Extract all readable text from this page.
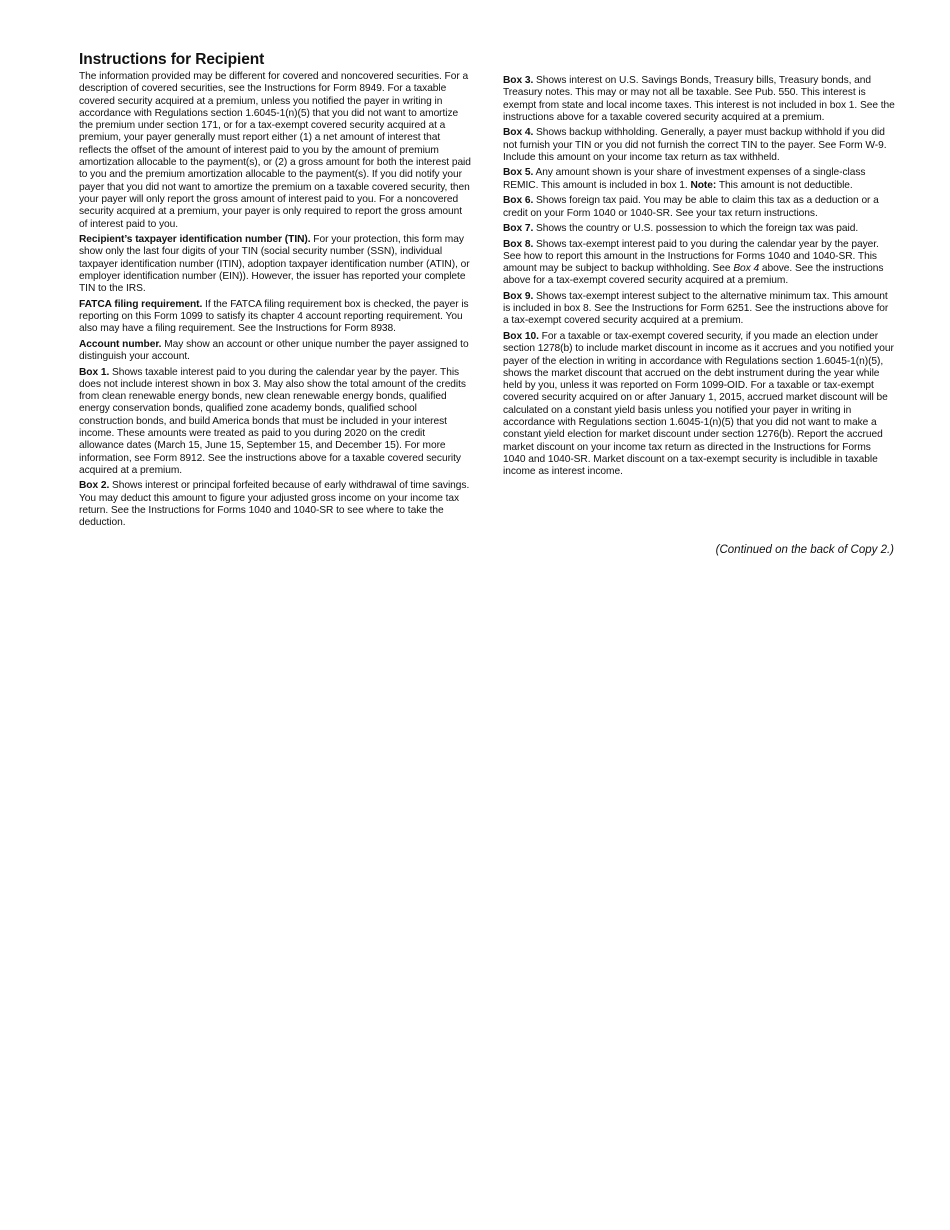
Instructions for Recipient

The information provided may be different for covered and noncovered securities. For a description of covered securities, see the Instructions for Form 8949. For a taxable covered security acquired at a premium, unless you notified the payer in writing in accordance with Regulations section 1.6045-1(n)(5) that you did not want to amortize the premium under section 171, or for a tax-exempt covered security acquired at a premium, your payer generally must report either (1) a net amount of interest that reflects the offset of the amount of interest paid to you by the amount of premium amortization allocable to the payment(s), or (2) a gross amount for both the interest paid to you and the premium amortization allocable to the payment(s). If you did notify your payer that you did not want to amortize the premium on a taxable covered security, then your payer will only report the gross amount of interest paid to you. For a noncovered security acquired at a premium, your payer is only required to report the gross amount of interest paid to you.

Recipient’s taxpayer identification number (TIN). For your protection, this form may show only the last four digits of your TIN (social security number (SSN), individual taxpayer identification number (ITIN), adoption taxpayer identification number (ATIN), or employer identification number (EIN)). However, the issuer has reported your complete TIN to the IRS.

FATCA filing requirement. If the FATCA filing requirement box is checked, the payer is reporting on this Form 1099 to satisfy its chapter 4 account reporting requirement. You also may have a filing requirement. See the Instructions for Form 8938.

Account number. May show an account or other unique number the payer assigned to distinguish your account.

Box 1. Shows taxable interest paid to you during the calendar year by the payer. This does not include interest shown in box 3. May also show the total amount of the credits from clean renewable energy bonds, new clean renewable energy bonds, qualified energy conservation bonds, qualified zone academy bonds, qualified school construction bonds, and build America bonds that must be included in your interest income. These amounts were treated as paid to you during 2020 on the credit allowance dates (March 15, June 15, September 15, and December 15). For more information, see Form 8912. See the instructions above for a taxable covered security acquired at a premium.

Box 2. Shows interest or principal forfeited because of early withdrawal of time savings. You may deduct this amount to figure your adjusted gross income on your income tax return. See the Instructions for Forms 1040 and 1040-SR to see where to take the deduction.

Box 3. Shows interest on U.S. Savings Bonds, Treasury bills, Treasury bonds, and Treasury notes. This may or may not all be taxable. See Pub. 550. This interest is exempt from state and local income taxes. This interest is not included in box 1. See the instructions above for a taxable covered security acquired at a premium.

Box 4. Shows backup withholding. Generally, a payer must backup withhold if you did not furnish your TIN or you did not furnish the correct TIN to the payer. See Form W-9. Include this amount on your income tax return as tax withheld.

Box 5. Any amount shown is your share of investment expenses of a single-class REMIC. This amount is included in box 1. Note: This amount is not deductible.

Box 6. Shows foreign tax paid. You may be able to claim this tax as a deduction or a credit on your Form 1040 or 1040-SR. See your tax return instructions.

Box 7. Shows the country or U.S. possession to which the foreign tax was paid.

Box 8. Shows tax-exempt interest paid to you during the calendar year by the payer. See how to report this amount in the Instructions for Forms 1040 and 1040-SR. This amount may be subject to backup withholding. See Box 4 above. See the instructions above for a tax-exempt covered security acquired at a premium.

Box 9. Shows tax-exempt interest subject to the alternative minimum tax. This amount is included in box 8. See the Instructions for Form 6251. See the instructions above for a tax-exempt covered security acquired at a premium.

Box 10. For a taxable or tax-exempt covered security, if you made an election under section 1278(b) to include market discount in income as it accrues and you notified your payer of the election in writing in accordance with Regulations section 1.6045-1(n)(5), shows the market discount that accrued on the debt instrument during the year while held by you, unless it was reported on Form 1099-OID. For a taxable or tax-exempt covered security acquired on or after January 1, 2015, accrued market discount will be calculated on a constant yield basis unless you notified your payer in writing in accordance with Regulations section 1.6045-1(n)(5) that you did not want to make a constant yield election for market discount under section 1276(b). Report the accrued market discount on your income tax return as directed in the Instructions for Forms 1040 and 1040-SR. Market discount on a tax-exempt security is includible in taxable income as interest income.

(Continued on the back of Copy 2.)
